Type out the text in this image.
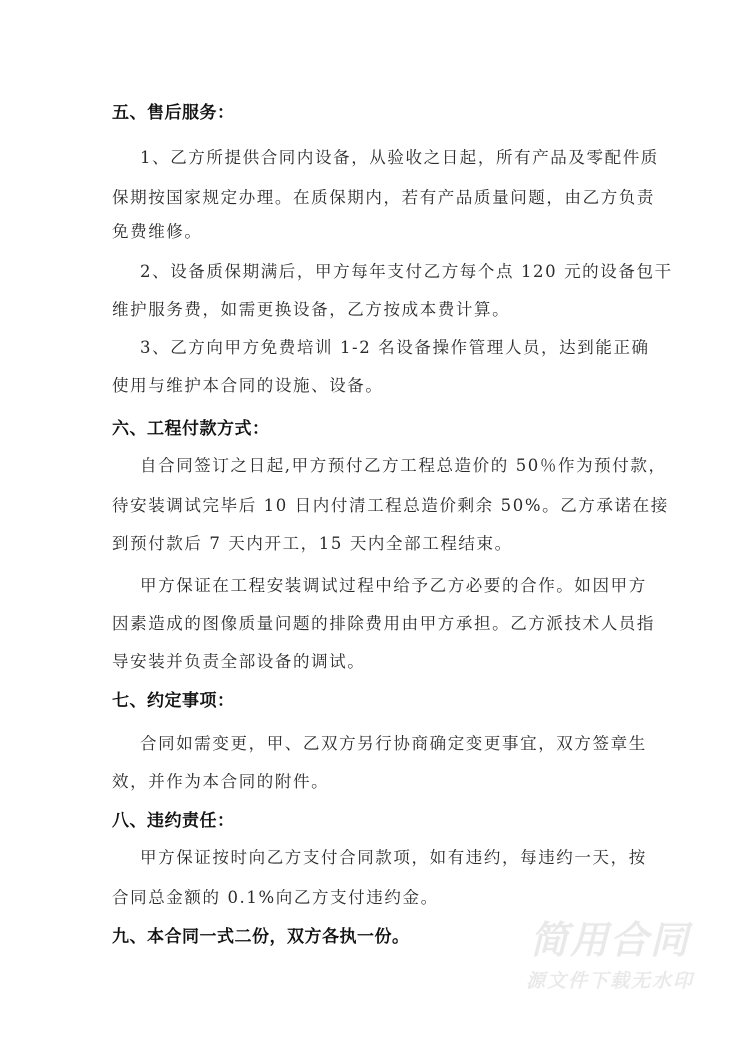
五、售后服务：
1、乙方所提供合同内设备，从验收之日起，所有产品及零配件质
保期按国家规定办理。在质保期内，若有产品质量问题，由乙方负责
免费维修。
2、设备质保期满后，甲方每年支付乙方每个点 120 元的设备包干
维护服务费，如需更换设备，乙方按成本费计算。
3、乙方向甲方免费培训 1-2 名设备操作管理人员，达到能正确
使用与维护本合同的设施、设备。
六、工程付款方式：
自合同签订之日起,甲方预付乙方工程总造价的 50％作为预付款，
待安装调试完毕后 10 日内付清工程总造价剩余 50%。乙方承诺在接
到预付款后 7 天内开工，15 天内全部工程结束。
甲方保证在工程安装调试过程中给予乙方必要的合作。如因甲方
因素造成的图像质量问题的排除费用由甲方承担。乙方派技术人员指
导安装并负责全部设备的调试。
七、约定事项：
合同如需变更，甲、乙双方另行协商确定变更事宜，双方签章生
效，并作为本合同的附件。
八、违约责任：
甲方保证按时向乙方支付合同款项，如有违约，每违约一天，按
合同总金额的 0.1%向乙方支付违约金。
九、本合同一式二份，双方各执一份。	简用合同
源文件下载无水印
